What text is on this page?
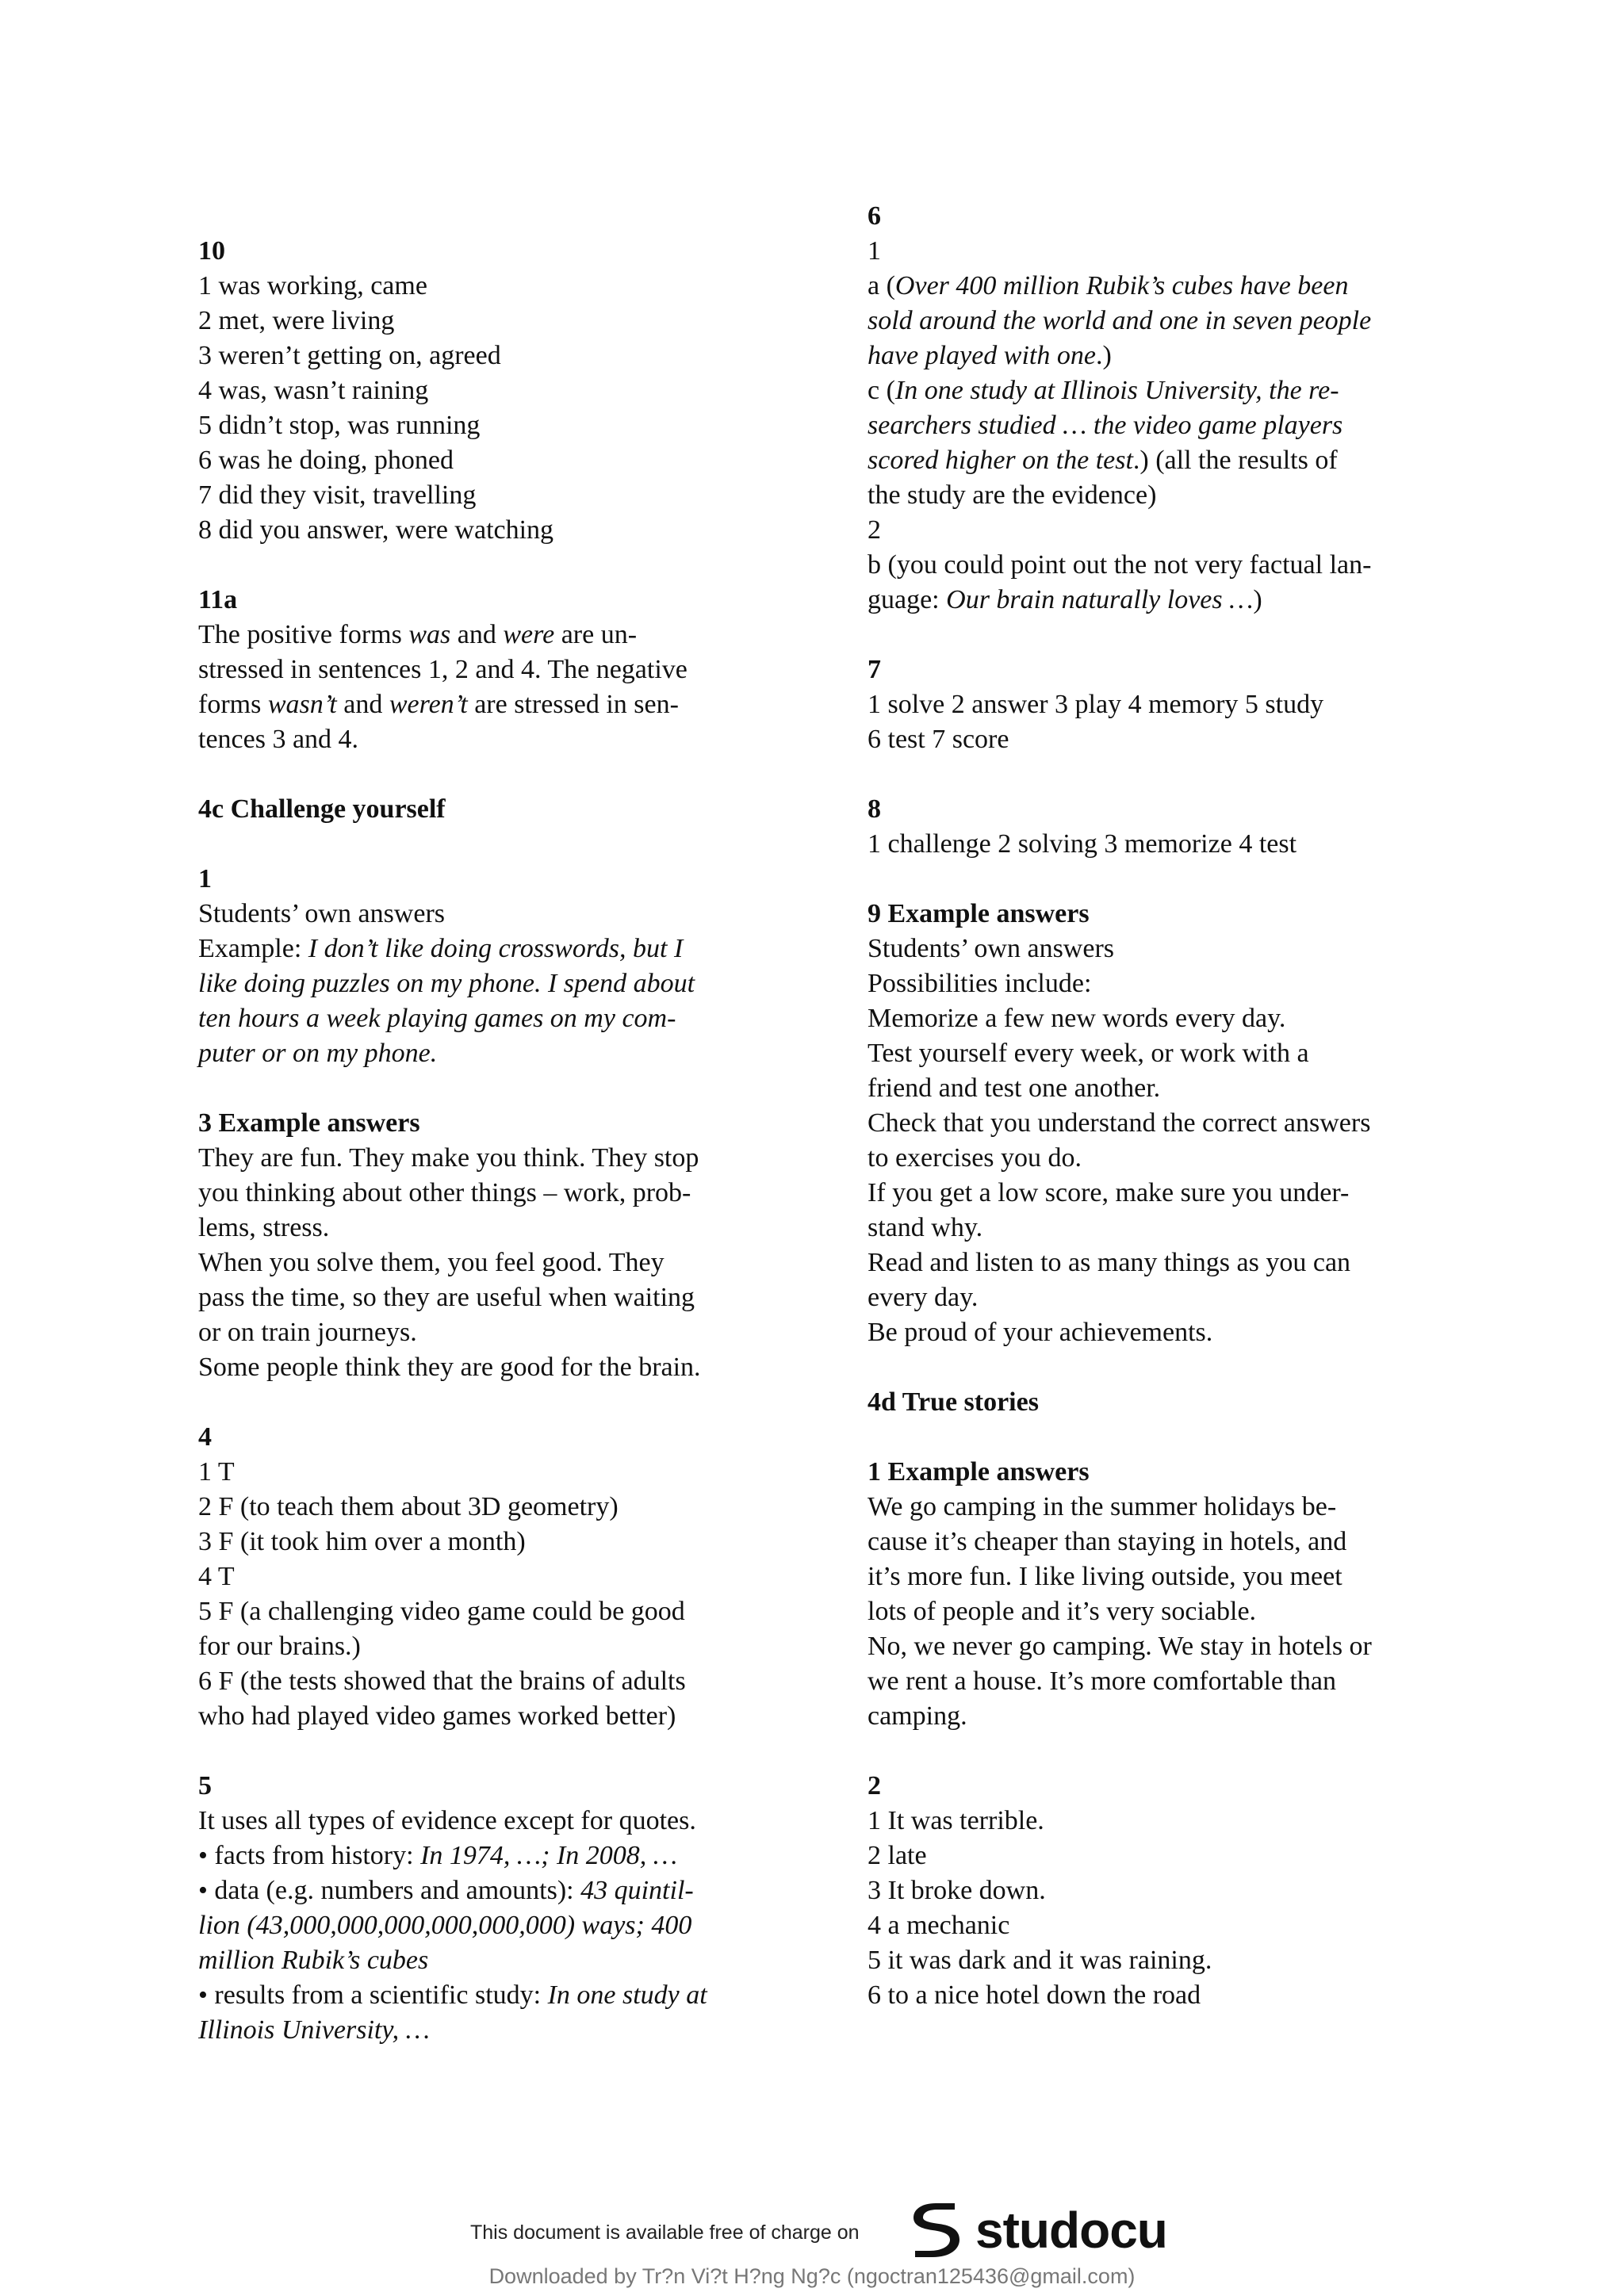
10
1 was working, came
2 met, were living
3 weren’t getting on, agreed
4 was, wasn’t raining
5 didn’t stop, was running
6 was he doing, phoned
7 did they visit, travelling
8 did you answer, were watching
11a
The positive forms was and were are un-
stressed in sentences 1, 2 and 4. The negative
forms wasn’t and weren’t are stressed in sen-
tences 3 and 4.
4c Challenge yourself
1
Students’ own answers
Example: I don’t like doing crosswords, but I
like doing puzzles on my phone. I spend about
ten hours a week playing games on my com-
puter or on my phone.
3 Example answers
They are fun. They make you think. They stop
you thinking about other things – work, prob-
lems, stress.
When you solve them, you feel good. They
pass the time, so they are useful when waiting
or on train journeys.
Some people think they are good for the brain.
4
1 T
2 F (to teach them about 3D geometry)
3 F (it took him over a month)
4 T
5 F (a challenging video game could be good
for our brains.)
6 F (the tests showed that the brains of adults
who had played video games worked better)
5
It uses all types of evidence except for quotes.
• facts from history: In 1974, …; In 2008, …
• data (e.g. numbers and amounts): 43 quintil-
lion (43,000,000,000,000,000,000) ways; 400
million Rubik’s cubes
• results from a scientific study: In one study at
Illinois University, …
6
1
a (Over 400 million Rubik’s cubes have been
sold around the world and one in seven people
have played with one.)
c (In one study at Illinois University, the re-
searchers studied … the video game players
scored higher on the test.) (all the results of
the study are the evidence)
2
b (you could point out the not very factual lan-
guage: Our brain naturally loves …)
7
1 solve 2 answer 3 play 4 memory 5 study
6 test 7 score
8
1 challenge 2 solving 3 memorize 4 test
9 Example answers
Students’ own answers
Possibilities include:
Memorize a few new words every day.
Test yourself every week, or work with a
friend and test one another.
Check that you understand the correct answers
to exercises you do.
If you get a low score, make sure you under-
stand why.
Read and listen to as many things as you can
every day.
Be proud of your achievements.
4d True stories
1 Example answers
We go camping in the summer holidays be-
cause it’s cheaper than staying in hotels, and
it’s more fun. I like living outside, you meet
lots of people and it’s very sociable.
No, we never go camping. We stay in hotels or
we rent a house. It’s more comfortable than
camping.
2
1 It was terrible.
2 late
3 It broke down.
4 a mechanic
5 it was dark and it was raining.
6 to a nice hotel down the road
This document is available free of charge on studocu
Downloaded by Tr?n Vi?t H?ng Ng?c (ngoctran125436@gmail.com)
